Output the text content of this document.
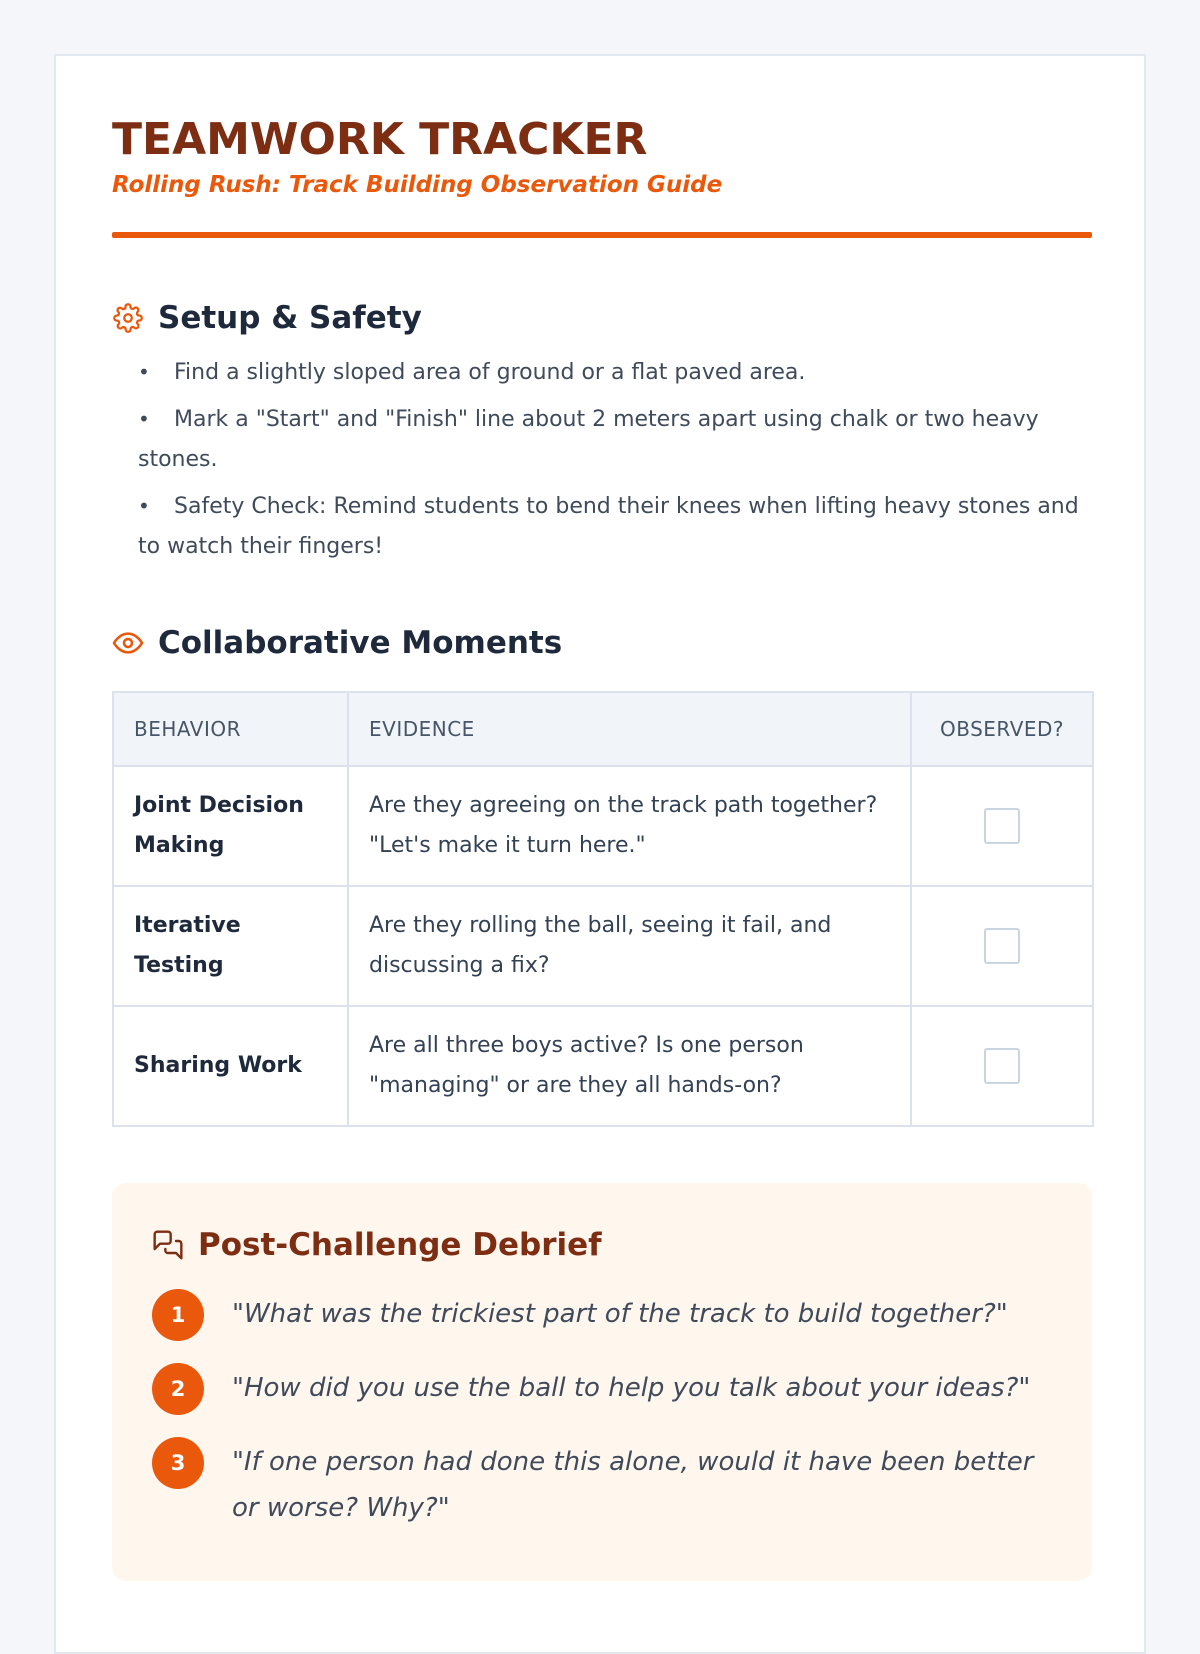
TEAMWORK TRACKER

Rolling Rush: Track Building Observation Guide

Setup & Safety
• Find a slightly sloped area of ground or a flat paved area.
• Mark a "Start" and "Finish" line about 2 meters apart using chalk or two heavy stones.
• Safety Check: Remind students to bend their knees when lifting heavy stones and to watch their fingers!
Collaborative Moments
BEHAVIOR	EVIDENCE	OBSERVED?
Joint Decision Making	Are they agreeing on the track path together? "Let's make it turn here."	
Iterative Testing	Are they rolling the ball, seeing it fail, and discussing a fix?	
Sharing Work	Are all three boys active? Is one person "managing" or are they all hands-on?	
Post-Challenge Debrief
1	"What was the trickiest part of the track to build together?"
2	"How did you use the ball to help you talk about your ideas?"
3	"If one person had done this alone, would it have been better or worse? Why?"
